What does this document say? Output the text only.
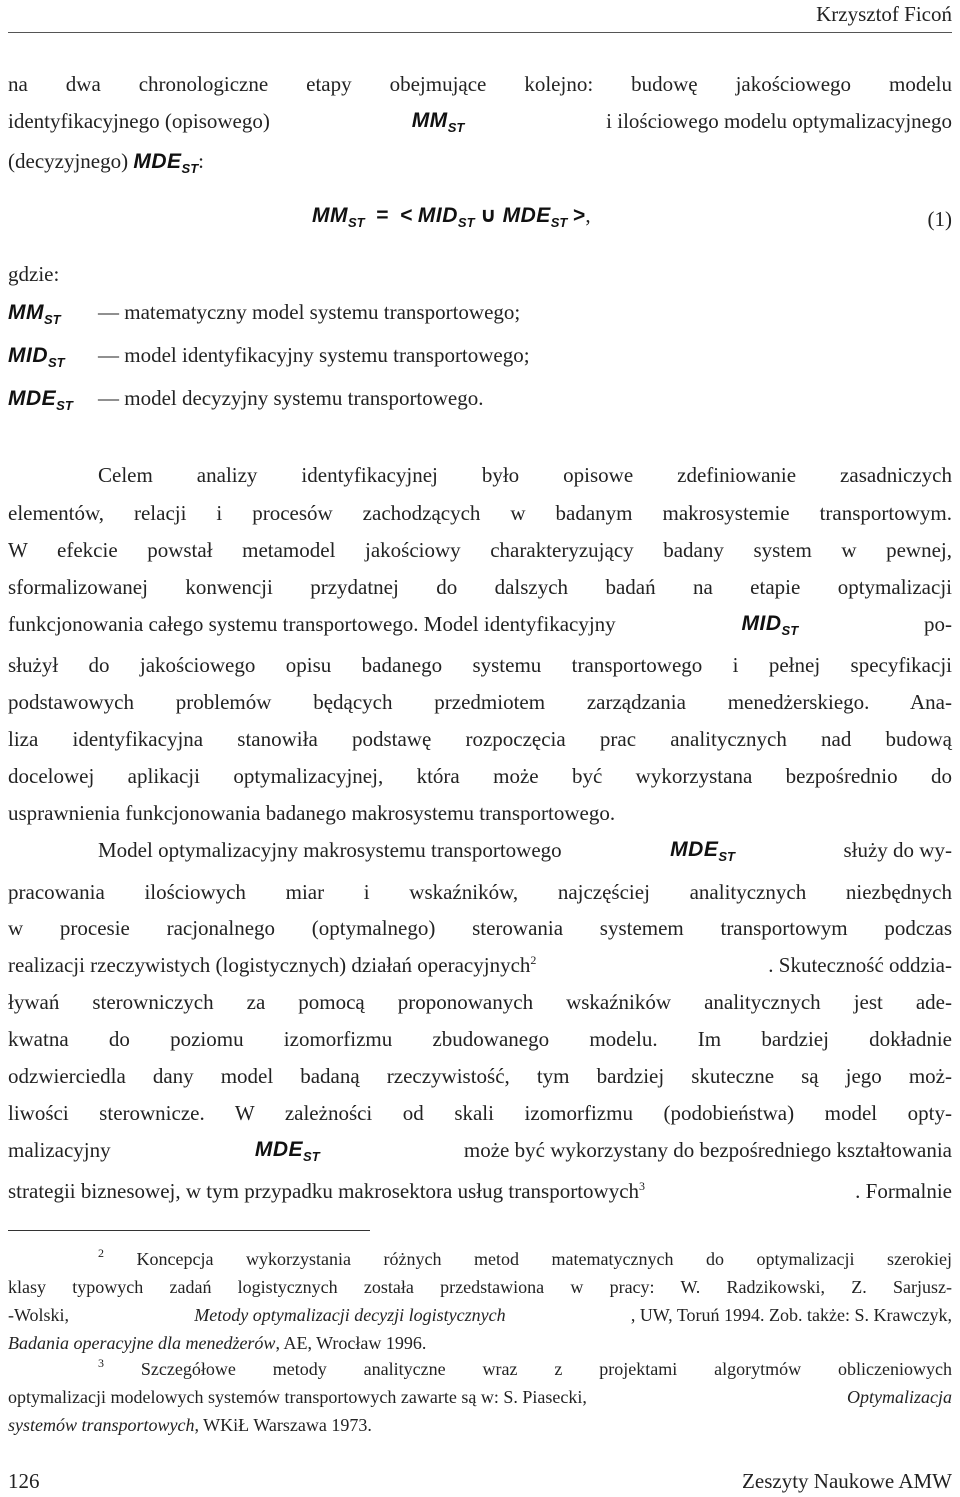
Krzysztof Ficoń
na dwa chronologiczne etapy obejmujące kolejno: budowę jakościowego modelu
identyfikacyjnego (opisowego)	$MM_{ST}$	i ilościowego modelu optymalizacyjnego
(decyzyjnego) $MDE_{ST}$:
$MM_{ST}$ = < $MID_{ST}$ ∪ $MDE_{ST}$ >,	(1)
gdzie:
$MM_{ST}$ — matematyczny model systemu transportowego;
$MID_{ST}$ — model identyfikacyjny systemu transportowego;
$MDE_{ST}$ — model decyzyjny systemu transportowego.
Celem analizy identyfikacyjnej było opisowe zdefiniowanie zasadniczych
elementów, relacji i procesów zachodzących w badanym makrosystemie transportowym.
W efekcie powstał metamodel jakościowy charakteryzujący badany system w pewnej,
sformalizowanej konwencji przydatnej do dalszych badań na etapie optymalizacji
funkcjonowania całego systemu transportowego. Model identyfikacyjny	$MID_{ST}$	po-
służył do jakościowego opisu badanego systemu transportowego i pełnej specyfikacji
podstawowych problemów będących przedmiotem zarządzania menedżerskiego. Ana-
liza identyfikacyjna stanowiła podstawę rozpoczęcia prac analitycznych nad budową
docelowej aplikacji optymalizacyjnej, która może być wykorzystana bezpośrednio do
usprawnienia funkcjonowania badanego makrosystemu transportowego.
Model optymalizacyjny makrosystemu transportowego	$MDE_{ST}$	służy do wy-
pracowania ilościowych miar i wskaźników, najczęściej analitycznych niezbędnych
w procesie racjonalnego (optymalnego) sterowania systemem transportowym podczas
realizacji rzeczywistych (logistycznych) działań operacyjnych$^2$	. Skuteczność oddzia-
ływań sterowniczych za pomocą proponowanych wskaźników analitycznych jest ade-
kwatna do poziomu izomorfizmu zbudowanego modelu. Im bardziej dokładnie
odzwierciedla dany model badaną rzeczywistość, tym bardziej skuteczne są jego moż-
liwości sterownicze. W zależności od skali izomorfizmu (podobieństwa) model opty-
malizacyjny	$MDE_{ST}$	może być wykorzystany do bezpośredniego kształtowania
strategii biznesowej, w tym przypadku makrosektora usług transportowych$^3$	. Formalnie
$^2$ Koncepcja wykorzystania różnych metod matematycznych do optymalizacji szerokiej
klasy typowych zadań logistycznych została przedstawiona w pracy: W. Radzikowski, Z. Sarjusz-
-Wolski,	Metody optymalizacji decyzji logistycznych	, UW, Toruń 1994. Zob. także: S. Krawczyk,
Badania operacyjne dla menedżerów, AE, Wrocław 1996.
$^3$ Szczegółowe metody analityczne wraz z projektami algorytmów obliczeniowych
optymalizacji modelowych systemów transportowych zawarte są w: S. Piasecki,	Optymalizacja
systemów transportowych, WKiŁ Warszawa 1973.
126	Zeszyty Naukowe AMW
